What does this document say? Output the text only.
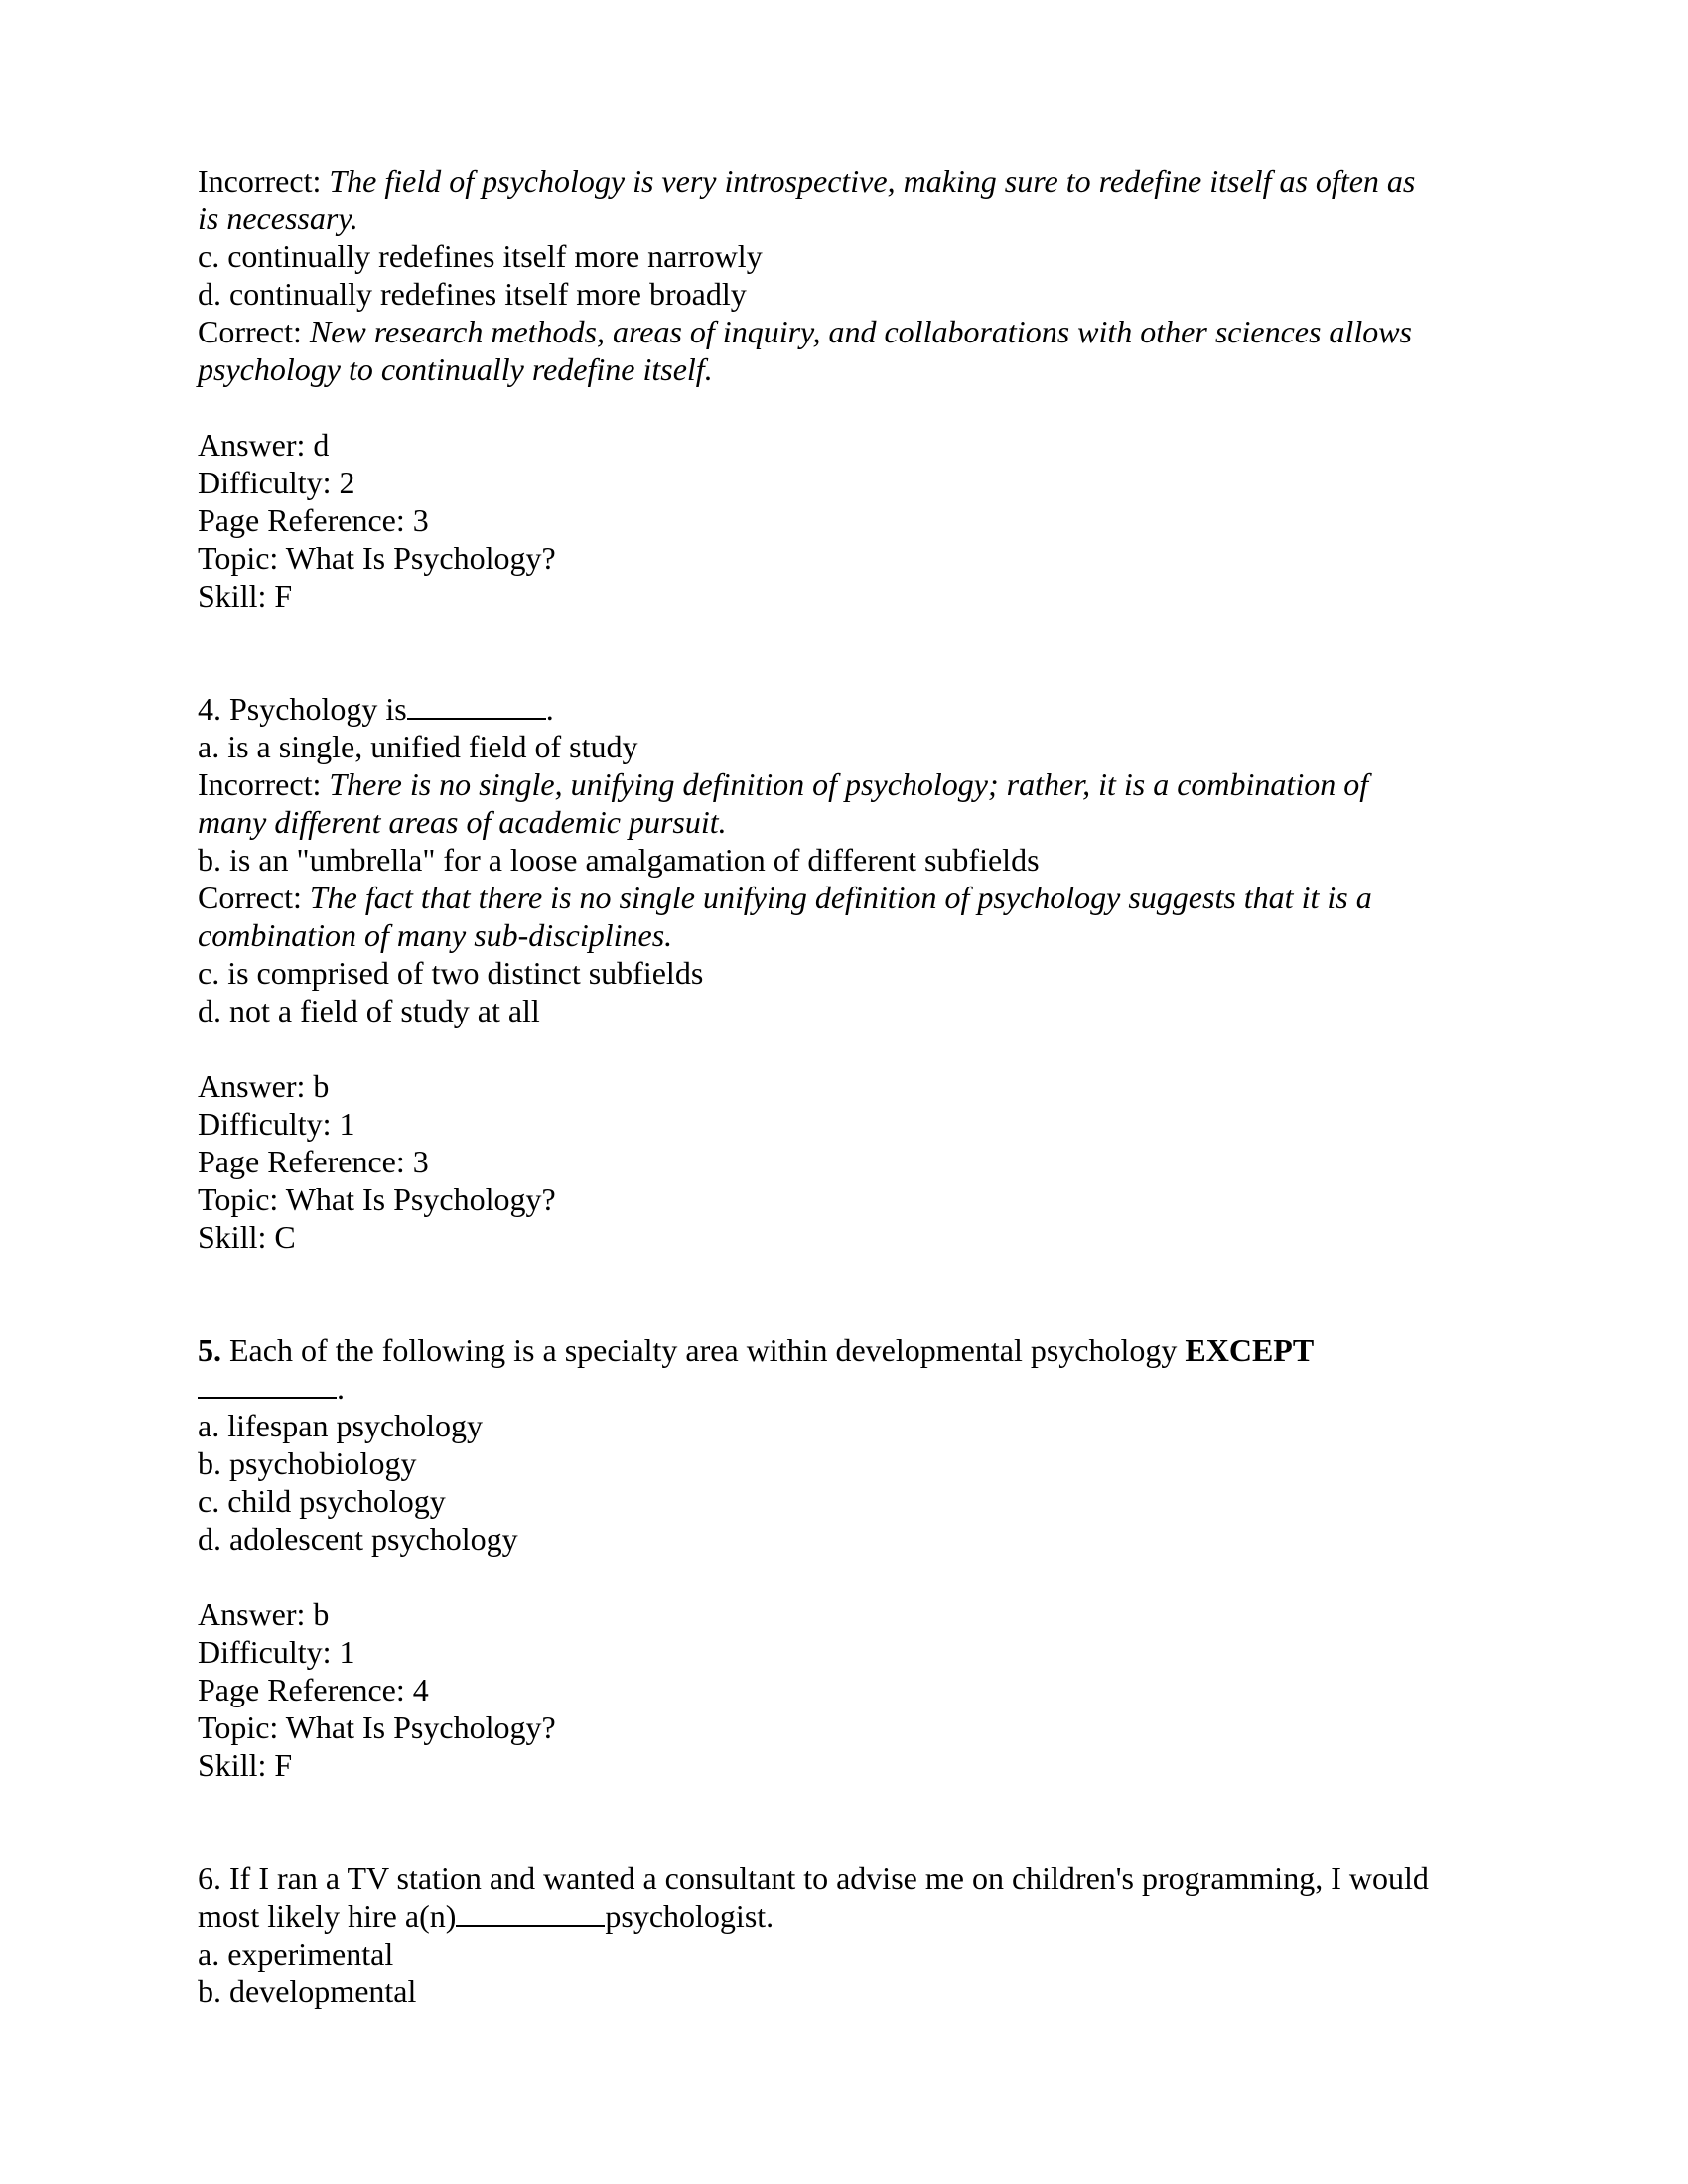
Incorrect: The field of psychology is very introspective, making sure to redefine itself as often as
is necessary.
c. continually redefines itself more narrowly
d. continually redefines itself more broadly
Correct: New research methods, areas of inquiry, and collaborations with other sciences allows
psychology to continually redefine itself.
Answer: d
Difficulty: 2
Page Reference: 3
Topic: What Is Psychology?
Skill: F
4. Psychology is	.
a. is a single, unified field of study
Incorrect: There is no single, unifying definition of psychology; rather, it is a combination of
many different areas of academic pursuit.
b. is an "umbrella" for a loose amalgamation of different subfields
Correct: The fact that there is no single unifying definition of psychology suggests that it is a
combination of many sub-disciplines.
c. is comprised of two distinct subfields
d. not a field of study at all
Answer: b
Difficulty: 1
Page Reference: 3
Topic: What Is Psychology?
Skill: C
5. Each of the following is a specialty area within developmental psychology EXCEPT
.
a. lifespan psychology
b. psychobiology
c. child psychology
d. adolescent psychology
Answer: b
Difficulty: 1
Page Reference: 4
Topic: What Is Psychology?
Skill: F
6. If I ran a TV station and wanted a consultant to advise me on children's programming, I would
most likely hire a(n)	psychologist.
a. experimental
b. developmental
